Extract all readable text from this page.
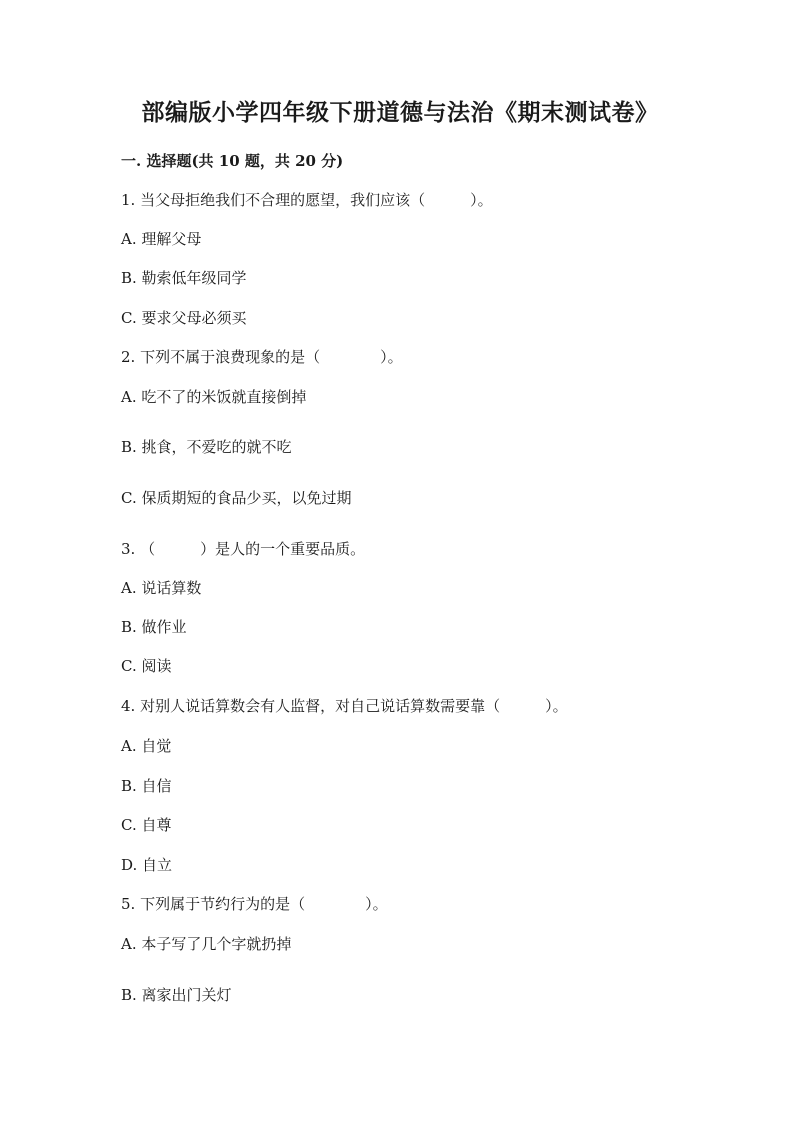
部编版小学四年级下册道德与法治《期末测试卷》
一. 选择题(共 10 题，共 20 分)
1. 当父母拒绝我们不合理的愿望，我们应该（　　　）。
A. 理解父母
B. 勒索低年级同学
C. 要求父母必须买
2. 下列不属于浪费现象的是（　　　　）。
A. 吃不了的米饭就直接倒掉
B. 挑食，不爱吃的就不吃
C. 保质期短的食品少买，以免过期
3. （　　　）是人的一个重要品质。
A. 说话算数
B. 做作业
C. 阅读
4. 对别人说话算数会有人监督，对自己说话算数需要靠（　　　）。
A. 自觉
B. 自信
C. 自尊
D. 自立
5. 下列属于节约行为的是（　　　　）。
A. 本子写了几个字就扔掉
B. 离家出门关灯
